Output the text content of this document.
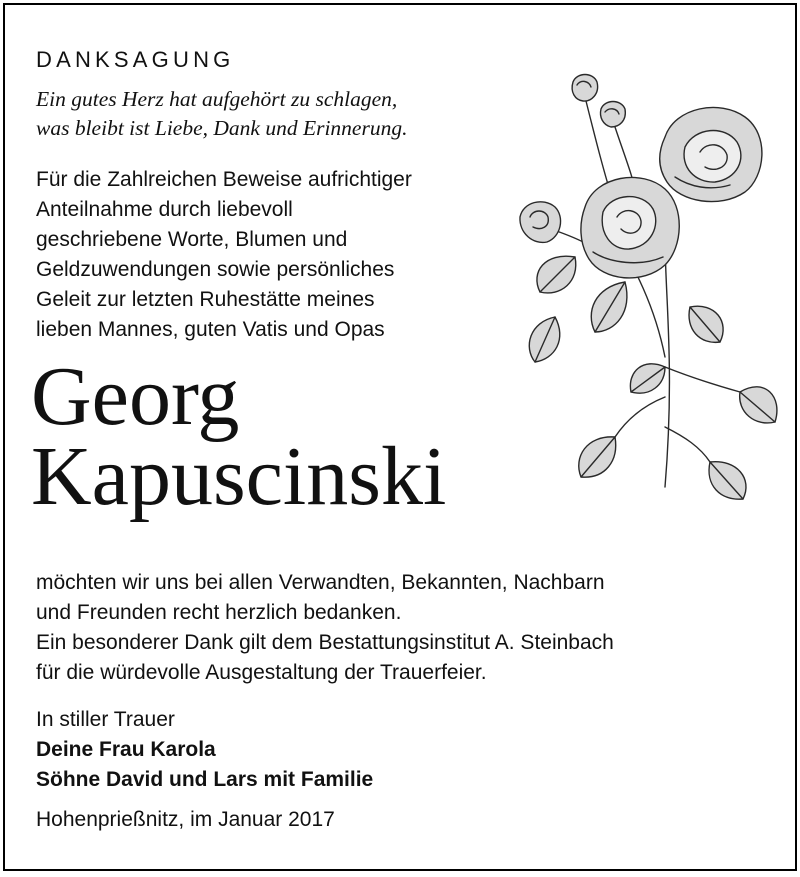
DANKSAGUNG
Ein gutes Herz hat aufgehört zu schlagen,
was bleibt ist Liebe, Dank und Erinnerung.
Für die Zahlreichen Beweise aufrichtiger
Anteilnahme durch liebevoll
geschriebene Worte, Blumen und
Geldzuwendungen sowie persönliches
Geleit zur letzten Ruhestätte meines
lieben Mannes, guten Vatis und Opas
Georg
Kapuscinski
möchten wir uns bei allen Verwandten, Bekannten, Nachbarn
und Freunden recht herzlich bedanken.
Ein besonderer Dank gilt dem Bestattungsinstitut A. Steinbach
für die würdevolle Ausgestaltung der Trauerfeier.
In stiller Trauer
Deine Frau Karola
Söhne David und Lars mit Familie
Hohenprießnitz, im Januar 2017
